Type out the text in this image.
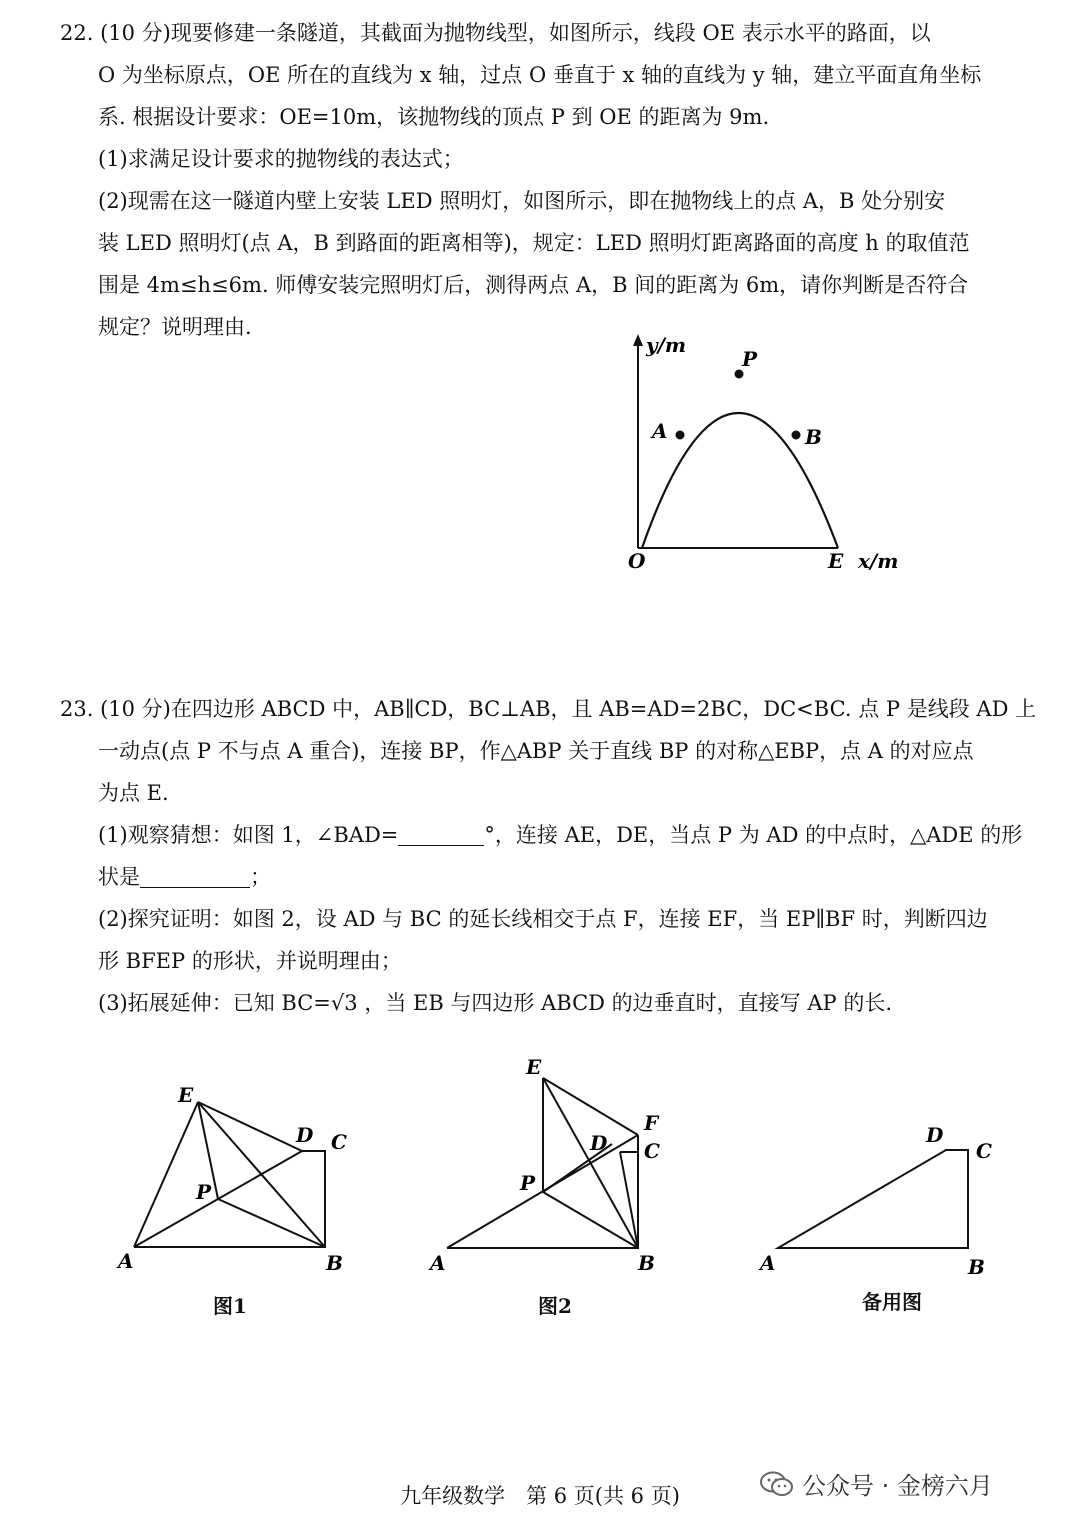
22. (10 分)现要修建一条隧道，其截面为抛物线型，如图所示，线段 OE 表示水平的路面，以

O 为坐标原点，OE 所在的直线为 x 轴，过点 O 垂直于 x 轴的直线为 y 轴，建立平面直角坐标

系. 根据设计要求：OE=10m，该抛物线的顶点 P 到 OE 的距离为 9m.

(1)求满足设计要求的抛物线的表达式；

(2)现需在这一隧道内壁上安装 LED 照明灯，如图所示，即在抛物线上的点 A，B 处分别安

装 LED 照明灯(点 A，B 到路面的距离相等)，规定：LED 照明灯距离路面的高度 h 的取值范

围是 4m≤h≤6m. 师傅安装完照明灯后，测得两点 A，B 间的距离为 6m，请你判断是否符合

规定？说明理由.

y/m
P
A	B
O	E x/m

23. (10 分)在四边形 ABCD 中，AB∥CD，BC⊥AB，且 AB=AD=2BC，DC<BC. 点 P 是线段 AD 上

一动点(点 P 不与点 A 重合)，连接 BP，作△ABP 关于直线 BP 的对称△EBP，点 A 的对应点

为点 E.

(1)观察猜想：如图 1，∠BAD=	°，连接 AE，DE，当点 P 为 AD 的中点时，△ADE 的形

状是	；

(2)探究证明：如图 2，设 AD 与 BC 的延长线相交于点 F，连接 EF，当 EP∥BF 时，判断四边

形 BFEP 的形状，并说明理由；

(3)拓展延伸：已知 BC=√3 ，当 EB 与四边形 ABCD 的边垂直时，直接写 AP 的长.

E
D C
P
A	B
图1
E
F
D C
P
A	B
图2
D
C
A	B
备用图
九年级数学　第 6 页(共 6 页)	公众号 · 金榜六月
